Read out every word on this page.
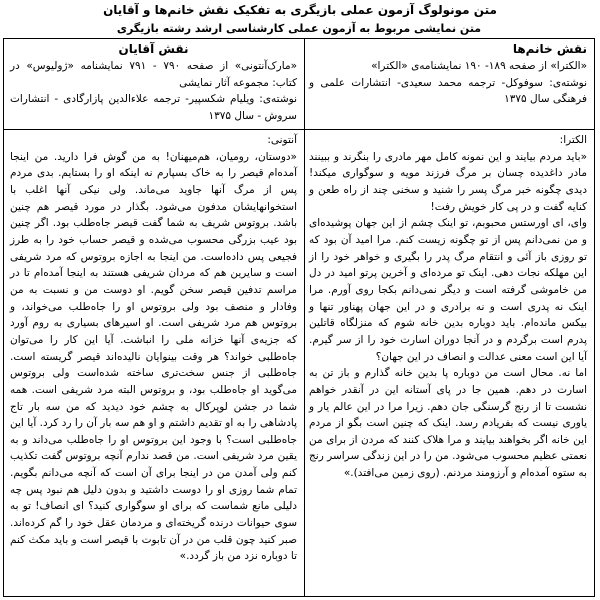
متن مونولوگ آزمون عملی بازیگری به تفکیک نقش خانم‌ها و آقایان
متن نمایشی مربوط به آزمون عملی کارشناسی ارشد رشته بازیگری

نقش خانم‌ها

«الکترا» از صفحه ۱۸۹- ۱۹۰ نمایشنامه‌ی «الکترا»

نوشته‌ی: سوفوکل- ترجمه محمد سعیدی- انتشارات علمی و فرهنگی سال ۱۳۷۵

نقش آقایان

«مارک‌آنتونی» از صفحه ۷۹۰ - ۷۹۱ نمایشنامه «ژولیوس» در کتاب: مجموعه آثار نمایشی

نوشته‌ی: ویلیام شکسپیر- ترجمه علاءالدین پازارگادی - انتشارات سروش - سال ۱۳۷۵

الکترا:

«باید مردم بیایند و این نمونه کامل مهر مادری را بنگرند و ببینند مادر داغدیده چسان بر مرگ فرزند مویه و سوگواری میکند! دیدی چگونه خبر مرگ پسر را شنید و سخنی چند از راه طعن و کنایه گفت و در پی کار خویش رفت!

وای، ای اورستس محبوبم، تو اینک چشم از این جهان پوشیده‌ای و من نمی‌دانم پس از تو چگونه زیست کنم. مرا امید آن بود که تو روزی باز آئی و انتقام مرگ پدر را بگیری و خواهر خود را از این مهلکه نجات دهی. اینک تو مرده‌ای و آخرین پرتو امید در دل من خاموشی گرفته است و دیگر نمی‌دانم بکجا روی آورم. مرا اینک نه پدری است و نه برادری و در این جهان پهناور تنها و بیکس مانده‌ام. باید دوباره بدین خانه شوم که منزلگاه قاتلین پدرم است برگردم و در آنجا دوران اسارت خود را از سر گیرم. آیا این است معنی عدالت و انصاف در این جهان؟

اما نه. محال است من دوباره پا بدین خانه گذارم و باز تن به اسارت در دهم. همین جا در پای آستانه این در آنقدر خواهم نشست تا از رنج گرسنگی جان دهم. زیرا مرا در این عالم یار و یاوری نیست که بفریادم رسد. اینک که چنین است بگو از مردم این خانه اگر بخواهند بیایند و مرا هلاک کنند که مردن از برای من نعمتی عظیم محسوب می‌شود. من را در این زندگی سراسر رنج به ستوه آمده‌ام و آرزومند مردنم. (روی زمین می‌افتد).»

آنتونی:

«دوستان، رومیان، هم‌میهنان! به من گوش فرا دارید. من اینجا آمده‌ام قیصر را به خاک بسپارم نه اینکه او را بستایم. بدی مردم پس از مرگ آنها جاوید می‌ماند. ولی نیکی آنها اغلب با استخوانهایشان مدفون می‌شود. بگذار در مورد قیصر هم چنین باشد. بروتوس شریف به شما گفت قیصر جاه‌طلب بود. اگر چنین بود عیب بزرگی محسوب می‌شده و قیصر حساب خود را به طرز فجیعی پس داده‌است. من اینجا به اجازه بروتوس که مرد شریفی است و سایرین هم که مردان شریفی هستند به اینجا آمده‌ام تا در مراسم تدفین قیصر سخن گویم. او دوست من و نسبت به من وفادار و منصف بود ولی بروتوس او را جاه‌طلب می‌خواند، و بروتوس هم مرد شریفی است. او اسیرهای بسیاری به روم آورد که جزیه‌ی آنها خزانه ملی را انباشت. آیا این کار را می‌توان جاه‌طلبی خواند؟ هر وقت بینوایان نالیده‌اند قیصر گریسته است. جاه‌طلبی از جنس سخت‌تری ساخته شده‌است ولی بروتوس می‌گوید او جاه‌طلب بود، و بروتوس البته مرد شریفی است. همه شما در جشن لوپرکال به چشم خود دیدید که من سه بار تاج پادشاهی را به او تقدیم داشتم و او هم سه بار آن را رد کرد. آیا این جاه‌طلبی است؟ با وجود این بروتوس او را جاه‌طلب می‌داند و به یقین مرد شریفی است. من قصد ندارم آنچه بروتوس گفت تکذیب کنم ولی آمدن من در اینجا برای آن است که آنچه می‌دانم بگویم. تمام شما روزی او را دوست داشتید و بدون دلیل هم نبود پس چه دلیلی مانع شماست که برای او سوگواری کنید؟ ای انصاف! تو به سوی حیوانات درنده گریخته‌ای و مردمان عقل خود را گم کرده‌اند. صبر کنید چون قلب من در آن تابوت با قیصر است و باید مکث کنم تا دوباره نزد من باز گردد.»
